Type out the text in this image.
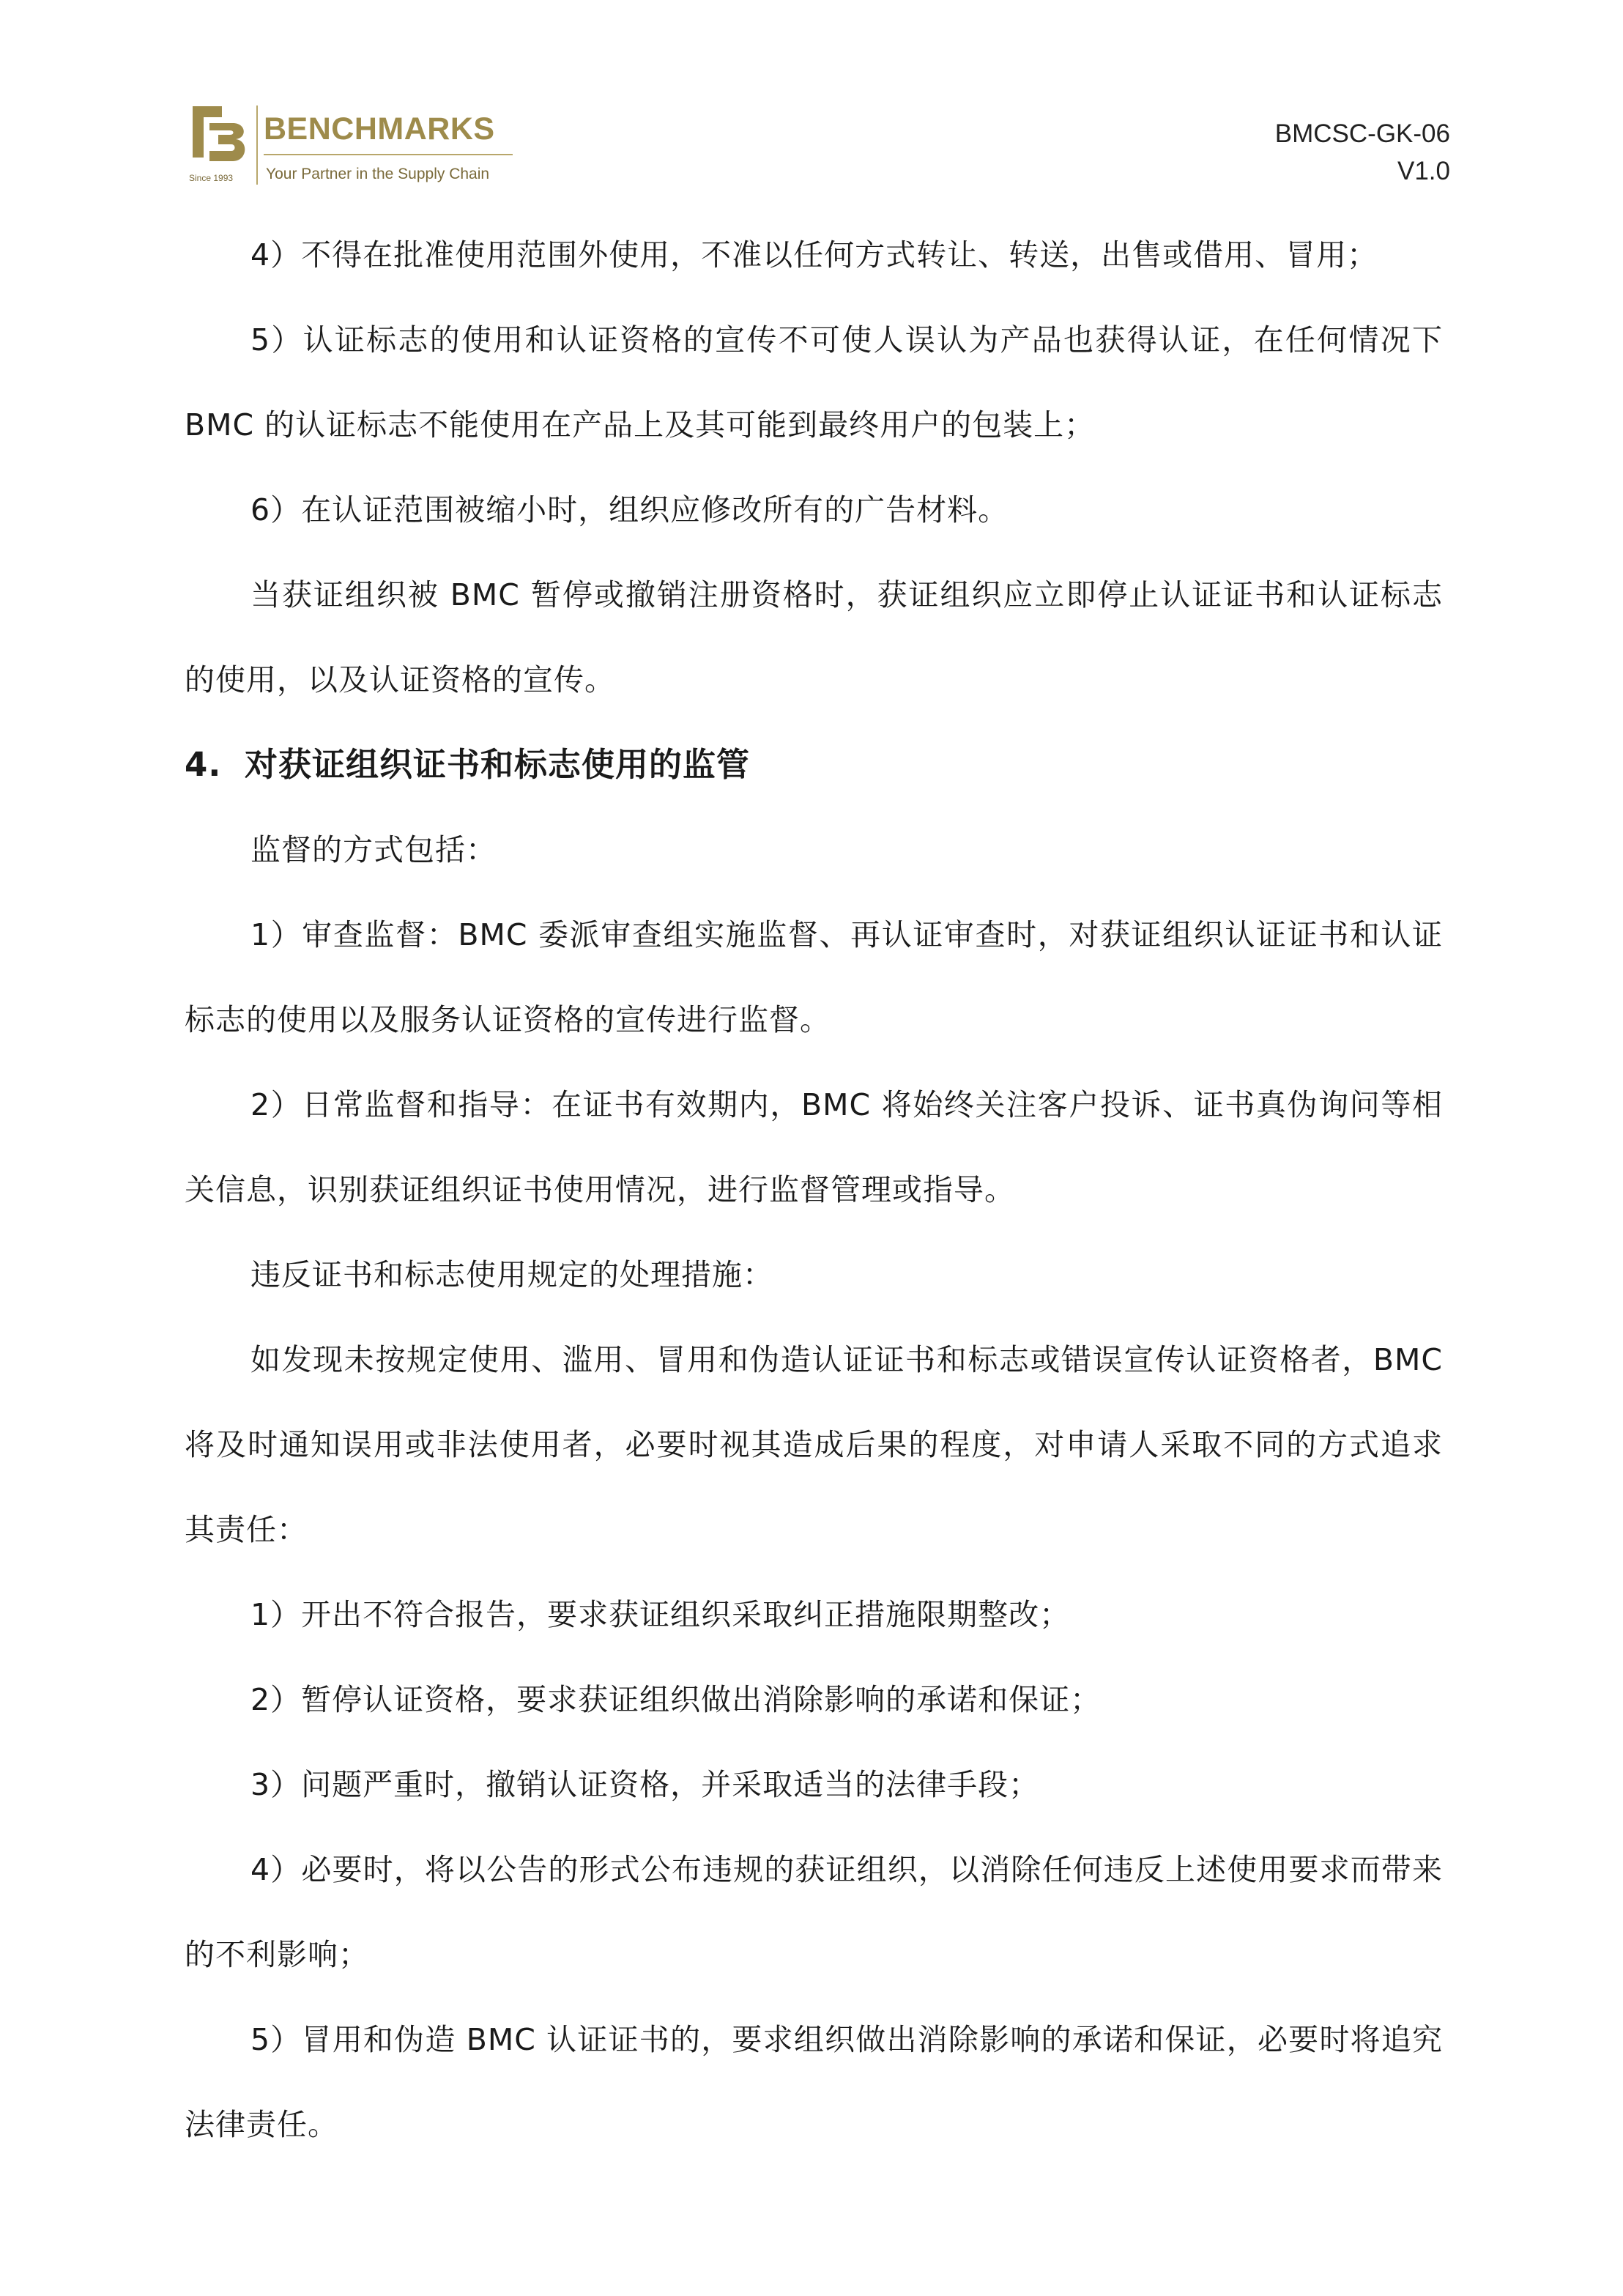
Since 1993
BENCHMARKS
Your Partner in the Supply Chain
BMCSC-GK-06
V1.0

4）不得在批准使用范围外使用，不准以任何方式转让、转送，出售或借用、冒用；

5）认证标志的使用和认证资格的宣传不可使人误认为产品也获得认证，在任何情况下 BMC 的认证标志不能使用在产品上及其可能到最终用户的包装上；

6）在认证范围被缩小时，组织应修改所有的广告材料。

当获证组织被 BMC 暂停或撤销注册资格时，获证组织应立即停止认证证书和认证标志的使用，以及认证资格的宣传。

4. 对获证组织证书和标志使用的监管

监督的方式包括：

1）审查监督：BMC 委派审查组实施监督、再认证审查时，对获证组织认证证书和认证标志的使用以及服务认证资格的宣传进行监督。

2）日常监督和指导：在证书有效期内，BMC 将始终关注客户投诉、证书真伪询问等相关信息，识别获证组织证书使用情况，进行监督管理或指导。

违反证书和标志使用规定的处理措施：

如发现未按规定使用、滥用、冒用和伪造认证证书和标志或错误宣传认证资格者，BMC 将及时通知误用或非法使用者，必要时视其造成后果的程度，对申请人采取不同的方式追求其责任：

1）开出不符合报告，要求获证组织采取纠正措施限期整改；

2）暂停认证资格，要求获证组织做出消除影响的承诺和保证；

3）问题严重时，撤销认证资格，并采取适当的法律手段；

4）必要时，将以公告的形式公布违规的获证组织，以消除任何违反上述使用要求而带来的不利影响；

5）冒用和伪造 BMC 认证证书的，要求组织做出消除影响的承诺和保证，必要时将追究法律责任。
